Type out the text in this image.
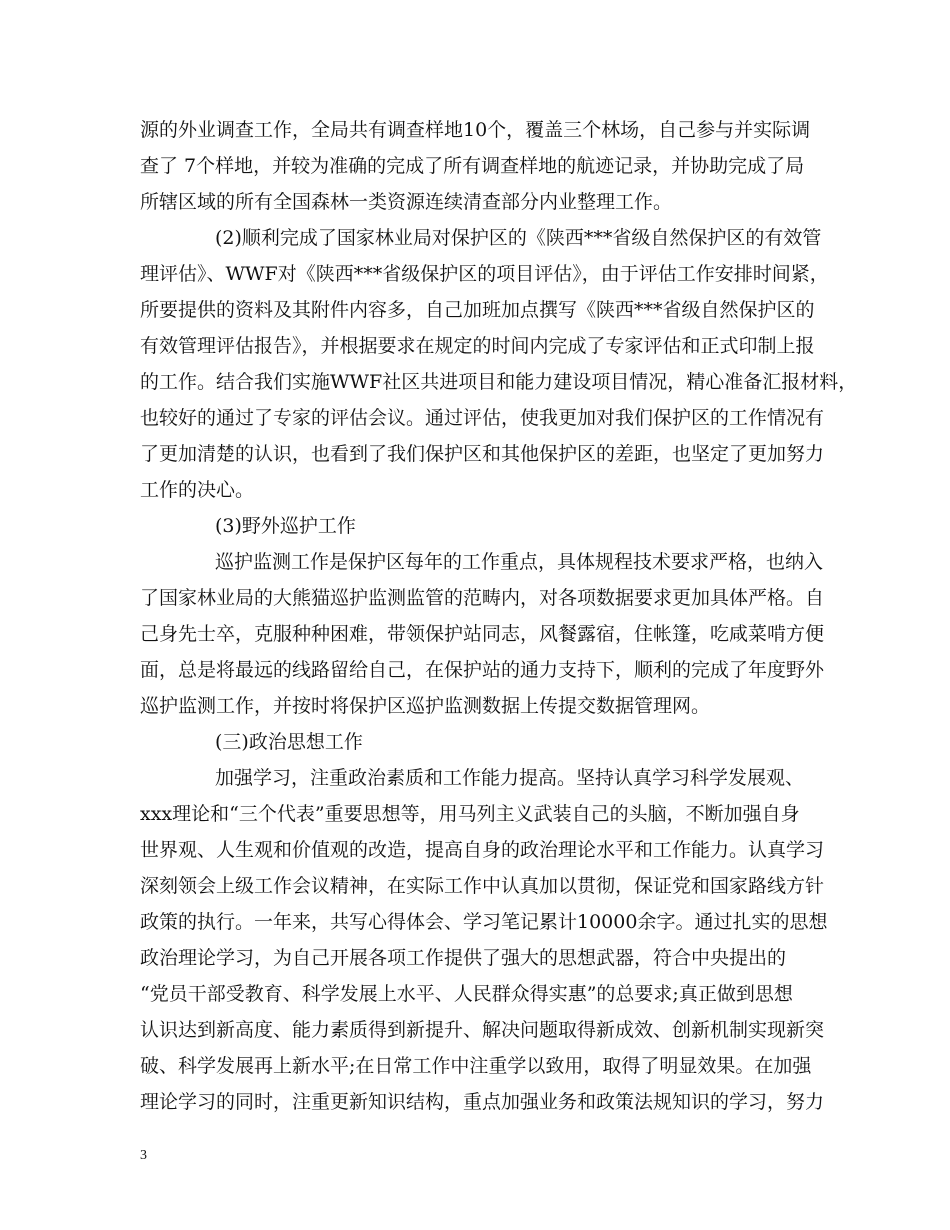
源的外业调查工作，全局共有调查样地10个，覆盖三个林场，自己参与并实际调
查了 7个样地，并较为准确的完成了所有调查样地的航迹记录，并协助完成了局
所辖区域的所有全国森林一类资源连续清查部分内业整理工作。
(2)顺利完成了国家林业局对保护区的《陕西***省级自然保护区的有效管
理评估》、WWF对《陕西***省级保护区的项目评估》，由于评估工作安排时间紧，
所要提供的资料及其附件内容多，自己加班加点撰写《陕西***省级自然保护区的
有效管理评估报告》，并根据要求在规定的时间内完成了专家评估和正式印制上报
的工作。结合我们实施WWF社区共进项目和能力建设项目情况，精心准备汇报材料，
也较好的通过了专家的评估会议。通过评估，使我更加对我们保护区的工作情况有
了更加清楚的认识，也看到了我们保护区和其他保护区的差距，也坚定了更加努力
工作的决心。
(3)野外巡护工作
巡护监测工作是保护区每年的工作重点，具体规程技术要求严格，也纳入
了国家林业局的大熊猫巡护监测监管的范畴内，对各项数据要求更加具体严格。自
己身先士卒，克服种种困难，带领保护站同志，风餐露宿，住帐篷，吃咸菜啃方便
面，总是将最远的线路留给自己，在保护站的通力支持下，顺利的完成了年度野外
巡护监测工作，并按时将保护区巡护监测数据上传提交数据管理网。
(三)政治思想工作
加强学习，注重政治素质和工作能力提高。坚持认真学习科学发展观、
xxx理论和“三个代表”重要思想等，用马列主义武装自己的头脑，不断加强自身
世界观、人生观和价值观的改造，提高自身的政治理论水平和工作能力。认真学习
深刻领会上级工作会议精神，在实际工作中认真加以贯彻，保证党和国家路线方针
政策的执行。一年来，共写心得体会、学习笔记累计10000余字。通过扎实的思想
政治理论学习，为自己开展各项工作提供了强大的思想武器，符合中央提出的
“党员干部受教育、科学发展上水平、人民群众得实惠”的总要求;真正做到思想
认识达到新高度、能力素质得到新提升、解决问题取得新成效、创新机制实现新突
破、科学发展再上新水平;在日常工作中注重学以致用，取得了明显效果。在加强
理论学习的同时，注重更新知识结构，重点加强业务和政策法规知识的学习，努力
3
